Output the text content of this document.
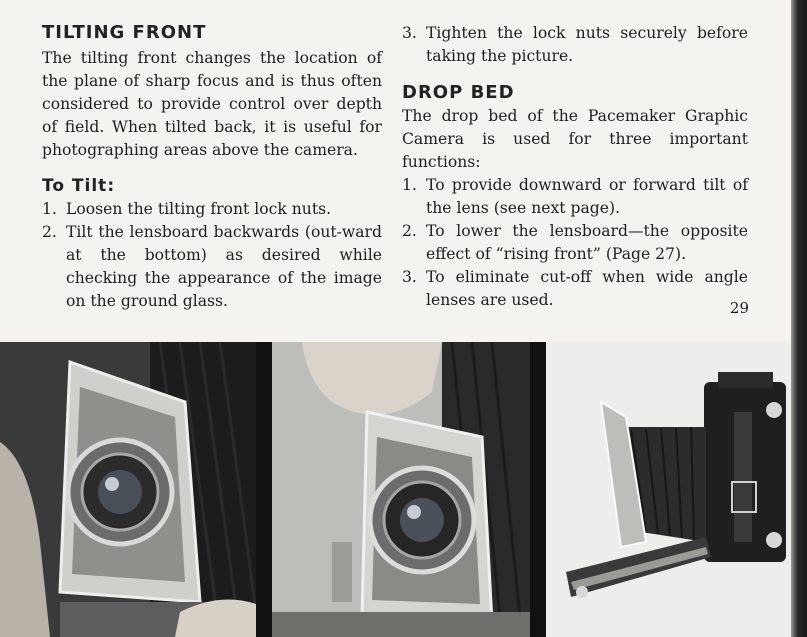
TILTING FRONT

The tilting front changes the location of the plane of sharp focus and is thus often considered to provide control over depth of field. When tilted back, it is useful for photographing areas above the camera.

To Tilt:
1. Loosen the tilting front lock nuts.
2. Tilt the lensboard backwards (out-ward at the bottom) as desired while checking the appearance of the image on the ground glass.
3. Tighten the lock nuts securely before taking the picture.
DROP BED

The drop bed of the Pacemaker Graphic Camera is used for three important functions:

1. To provide downward or forward tilt of the lens (see next page).
2. To lower the lensboard—the opposite effect of “rising front” (Page 27).
3. To eliminate cut-off when wide angle lenses are used.	29
